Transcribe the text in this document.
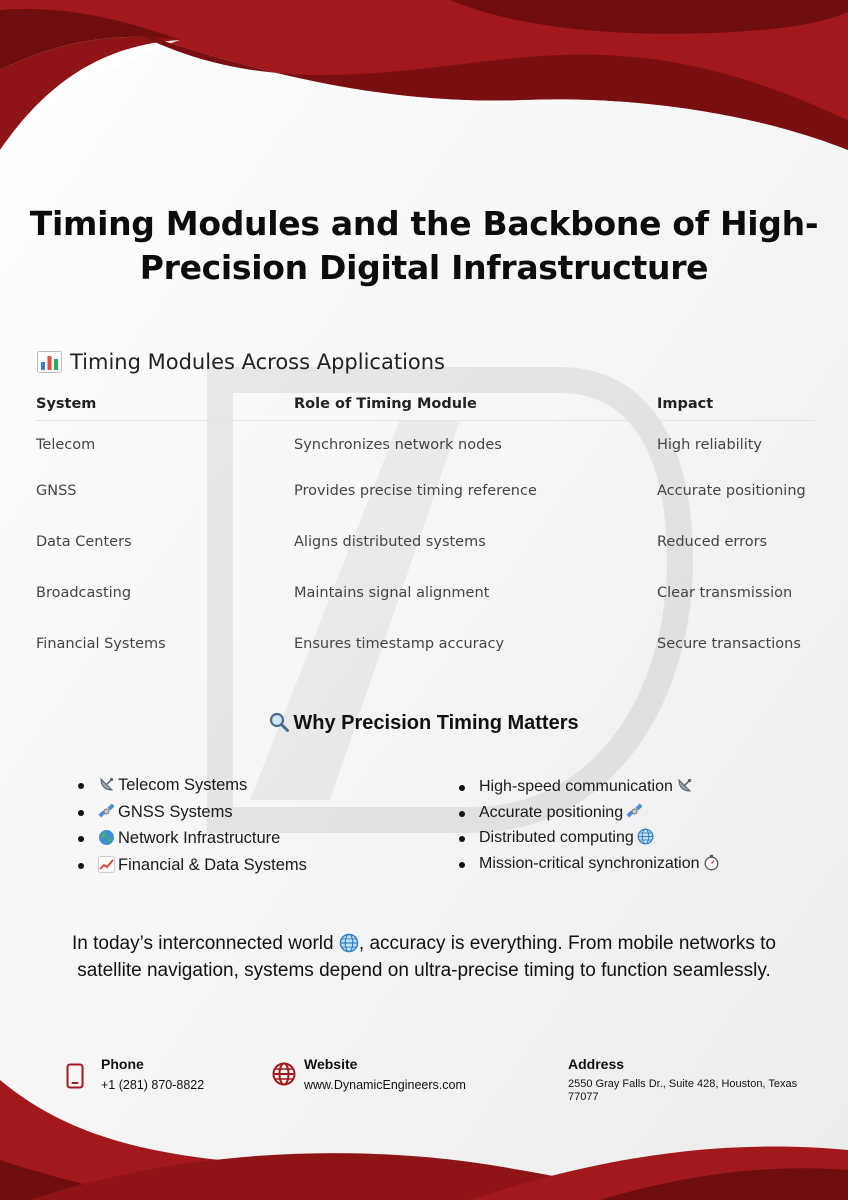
Timing Modules and the Backbone of High-Precision Digital Infrastructure
Timing Modules Across Applications
System	Role of Timing Module	Impact
Telecom	Synchronizes network nodes	High reliability
GNSS	Provides precise timing reference	Accurate positioning
Data Centers	Aligns distributed systems	Reduced errors
Broadcasting	Maintains signal alignment	Clear transmission
Financial Systems	Ensures timestamp accuracy	Secure transactions
Why Precision Timing Matters
Telecom Systems
GNSS Systems
Network Infrastructure
Financial & Data Systems
High-speed communication
Accurate positioning
Distributed computing
Mission-critical synchronization

In today’s interconnected world , accuracy is everything. From mobile networks to satellite navigation, systems depend on ultra-precise timing to function seamlessly.

Phone
+1 (281) 870-8822
Website
www.DynamicEngineers.com
Address
2550 Gray Falls Dr., Suite 428, Houston, Texas 77077
